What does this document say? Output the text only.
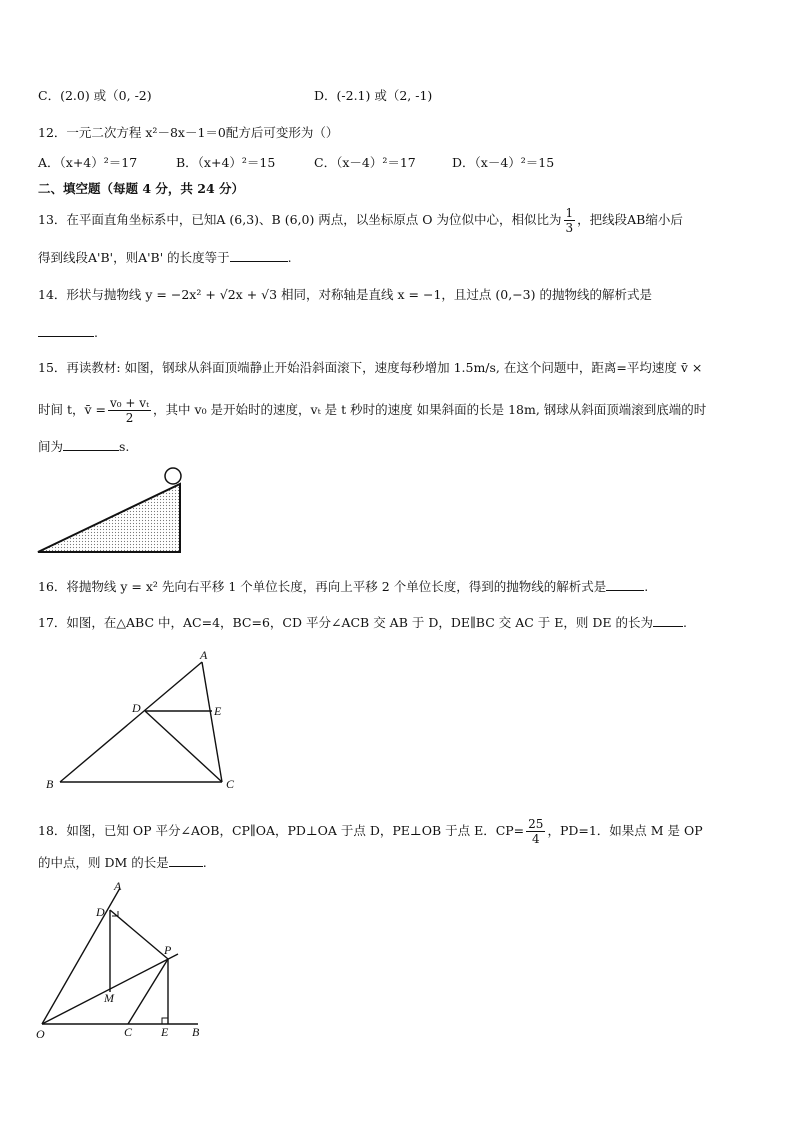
C．(2.0) 或（0, -2)	D．(-2.1) 或（2, -1)
12．一元二次方程 x²－8x－1＝0配方后可变形为（）
A．（x+4）²＝17	B．（x+4）²＝15	C．（x－4）²＝17	D．（x－4）²＝15
二、填空题（每题 4 分，共 24 分）
13．在平面直角坐标系中，已知A (6,3)、B (6,0) 两点，以坐标原点 O 为位似中心，相似比为 $\frac{1}{3}$ ，把线段AB缩小后
得到线段A'B'，则A'B' 的长度等于	.
14．形状与抛物线 y = −2x² + √2x + √3 相同，对称轴是直线 x = −1，且过点 (0,−3) 的抛物线的解析式是
.
15．再读教材: 如图，钢球从斜面顶端静止开始沿斜面滚下，速度每秒增加 1.5m/s, 在这个问题中，距离=平均速度 v̄ ×
时间 t，v̄ = $\frac{\text{v₀ + vₜ}}{2}$ ，其中 v₀ 是开始时的速度，vₜ 是 t 秒时的速度 如果斜面的长是 18m, 钢球从斜面顶端滚到底端的时
间为	s.
16．将抛物线 y = x² 先向右平移 1 个单位长度，再向上平移 2 个单位长度，得到的抛物线的解析式是	.
17．如图，在△ABC 中，AC=4，BC=6，CD 平分∠ACB 交 AB 于 D，DE∥BC 交 AC 于 E，则 DE 的长为 .
A
B	C
D	E
18．如图，已知 OP 平分∠AOB，CP∥OA，PD⊥OA 于点 D，PE⊥OB 于点 E．$CP= \frac{25}{4}$ ，PD=1．如果点 M 是 OP
的中点，则 DM 的长是	.
A
D
P
M
O	C E B
